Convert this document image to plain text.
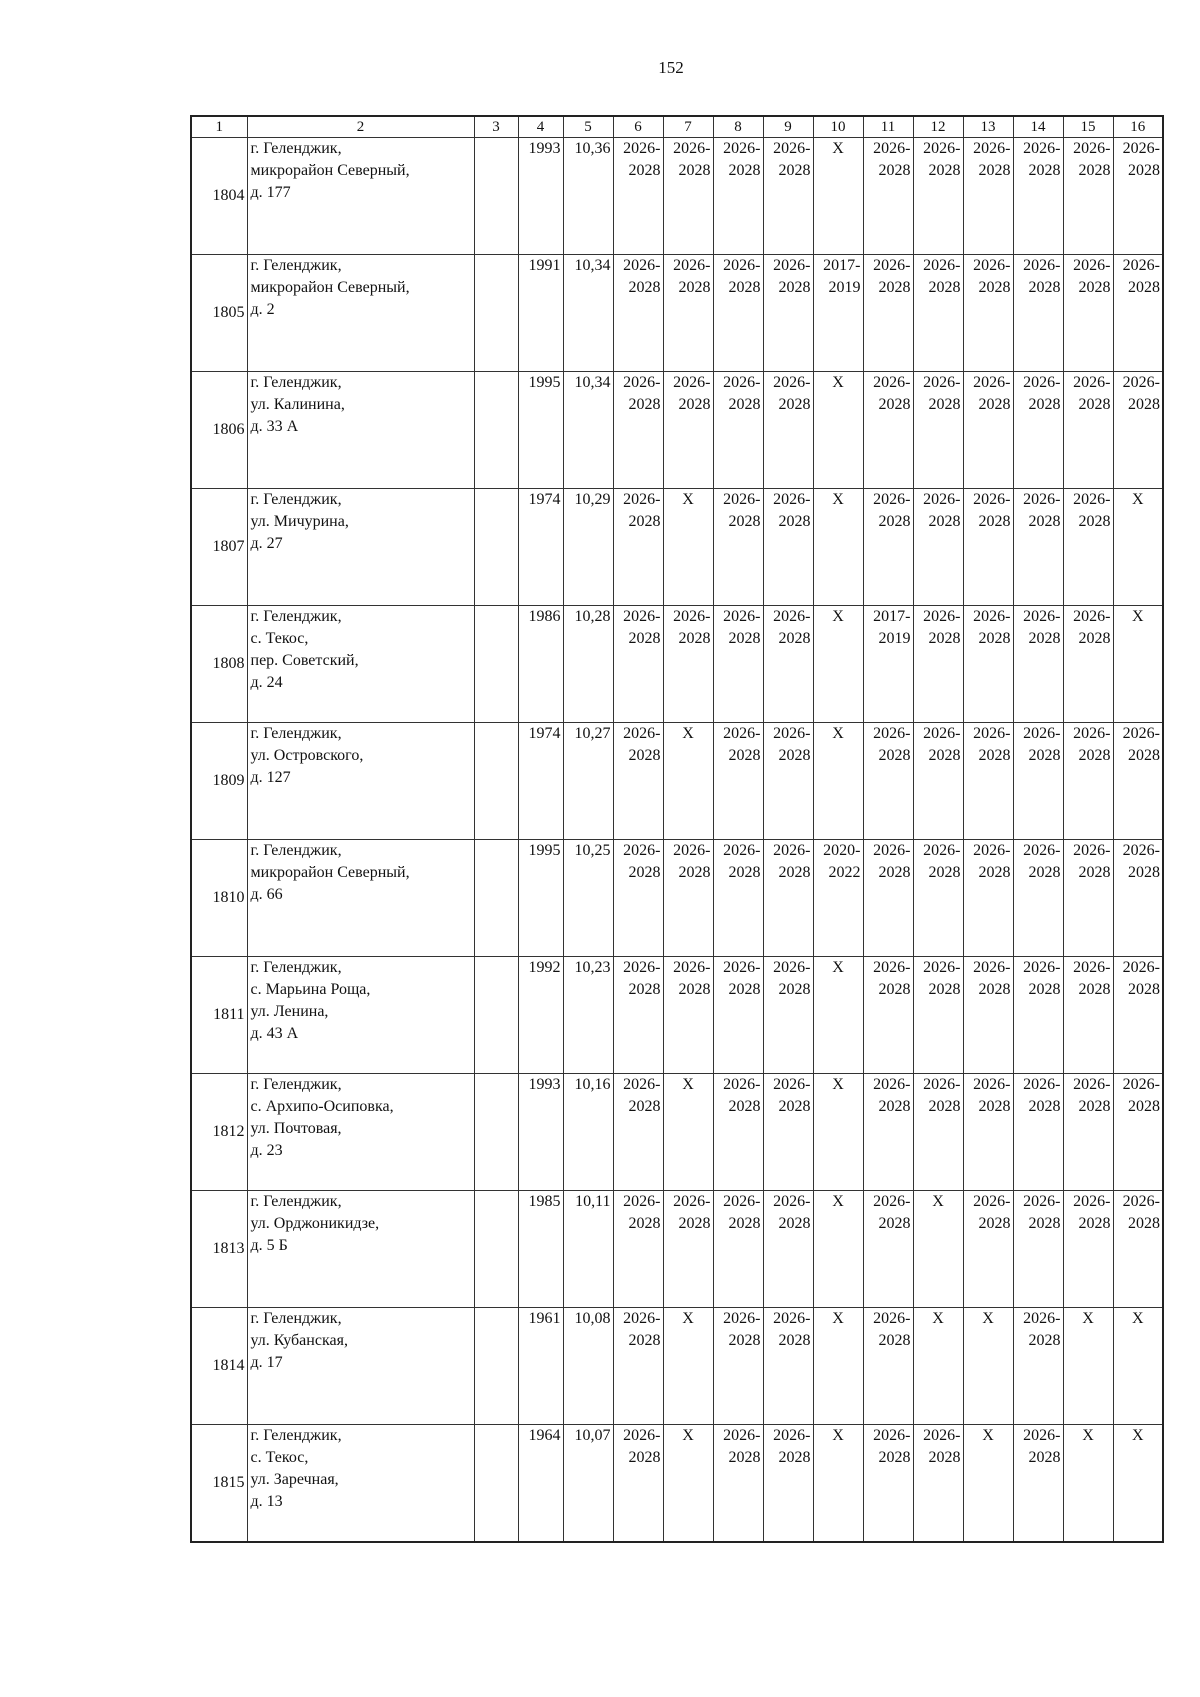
152
1	2	3	4	5	6	7	8	9	10	11	12	13	14	15	16
1804	г. Геленджик,
микрорайон Северный,
д. 177		1993	10,36	2026-
2028	2026-
2028	2026-
2028	2026-
2028	X	2026-
2028	2026-
2028	2026-
2028	2026-
2028	2026-
2028	2026-
2028

1805	г. Геленджик,
микрорайон Северный,
д. 2		1991	10,34	2026-
2028	2026-
2028	2026-
2028	2026-
2028	2017-
2019	2026-
2028	2026-
2028	2026-
2028	2026-
2028	2026-
2028	2026-
2028

1806	г. Геленджик,
ул. Калинина,
д. 33 А		1995	10,34	2026-
2028	2026-
2028	2026-
2028	2026-
2028	X	2026-
2028	2026-
2028	2026-
2028	2026-
2028	2026-
2028	2026-
2028

1807	г. Геленджик,
ул. Мичурина,
д. 27		1974	10,29	2026-
2028	X	2026-
2028	2026-
2028	X	2026-
2028	2026-
2028	2026-
2028	2026-
2028	2026-
2028	X
1808	г. Геленджик,
с. Текос,
пер. Советский,
д. 24		1986	10,28	2026-
2028	2026-
2028	2026-
2028	2026-
2028	X	2017-
2019	2026-
2028	2026-
2028	2026-
2028	2026-
2028	X
1809	г. Геленджик,
ул. Островского,
д. 127		1974	10,27	2026-
2028	X	2026-
2028	2026-
2028	X	2026-
2028	2026-
2028	2026-
2028	2026-
2028	2026-
2028	2026-
2028

1810	г. Геленджик,
микрорайон Северный,
д. 66		1995	10,25	2026-
2028	2026-
2028	2026-
2028	2026-
2028	2020-
2022	2026-
2028	2026-
2028	2026-
2028	2026-
2028	2026-
2028	2026-
2028

1811	г. Геленджик,
с. Марьина Роща,
ул. Ленина,
д. 43 А		1992	10,23	2026-
2028	2026-
2028	2026-
2028	2026-
2028	X	2026-
2028	2026-
2028	2026-
2028	2026-
2028	2026-
2028	2026-
2028

1812	г. Геленджик,
с. Архипо-Осиповка,
ул. Почтовая,
д. 23		1993	10,16	2026-
2028	X	2026-
2028	2026-
2028	X	2026-
2028	2026-
2028	2026-
2028	2026-
2028	2026-
2028	2026-
2028

1813	г. Геленджик,
ул. Орджоникидзе,
д. 5 Б		1985	10,11	2026-
2028	2026-
2028	2026-
2028	2026-
2028	X	2026-
2028	X	2026-
2028	2026-
2028	2026-
2028	2026-
2028

1814	г. Геленджик,
ул. Кубанская,
д. 17		1961	10,08	2026-
2028	X	2026-
2028	2026-
2028	X	2026-
2028	X	X	2026-
2028	X	X
1815	г. Геленджик,
с. Текос,
ул. Заречная,
д. 13		1964	10,07	2026-
2028	X	2026-
2028	2026-
2028	X	2026-
2028	2026-
2028	X	2026-
2028	X	X
